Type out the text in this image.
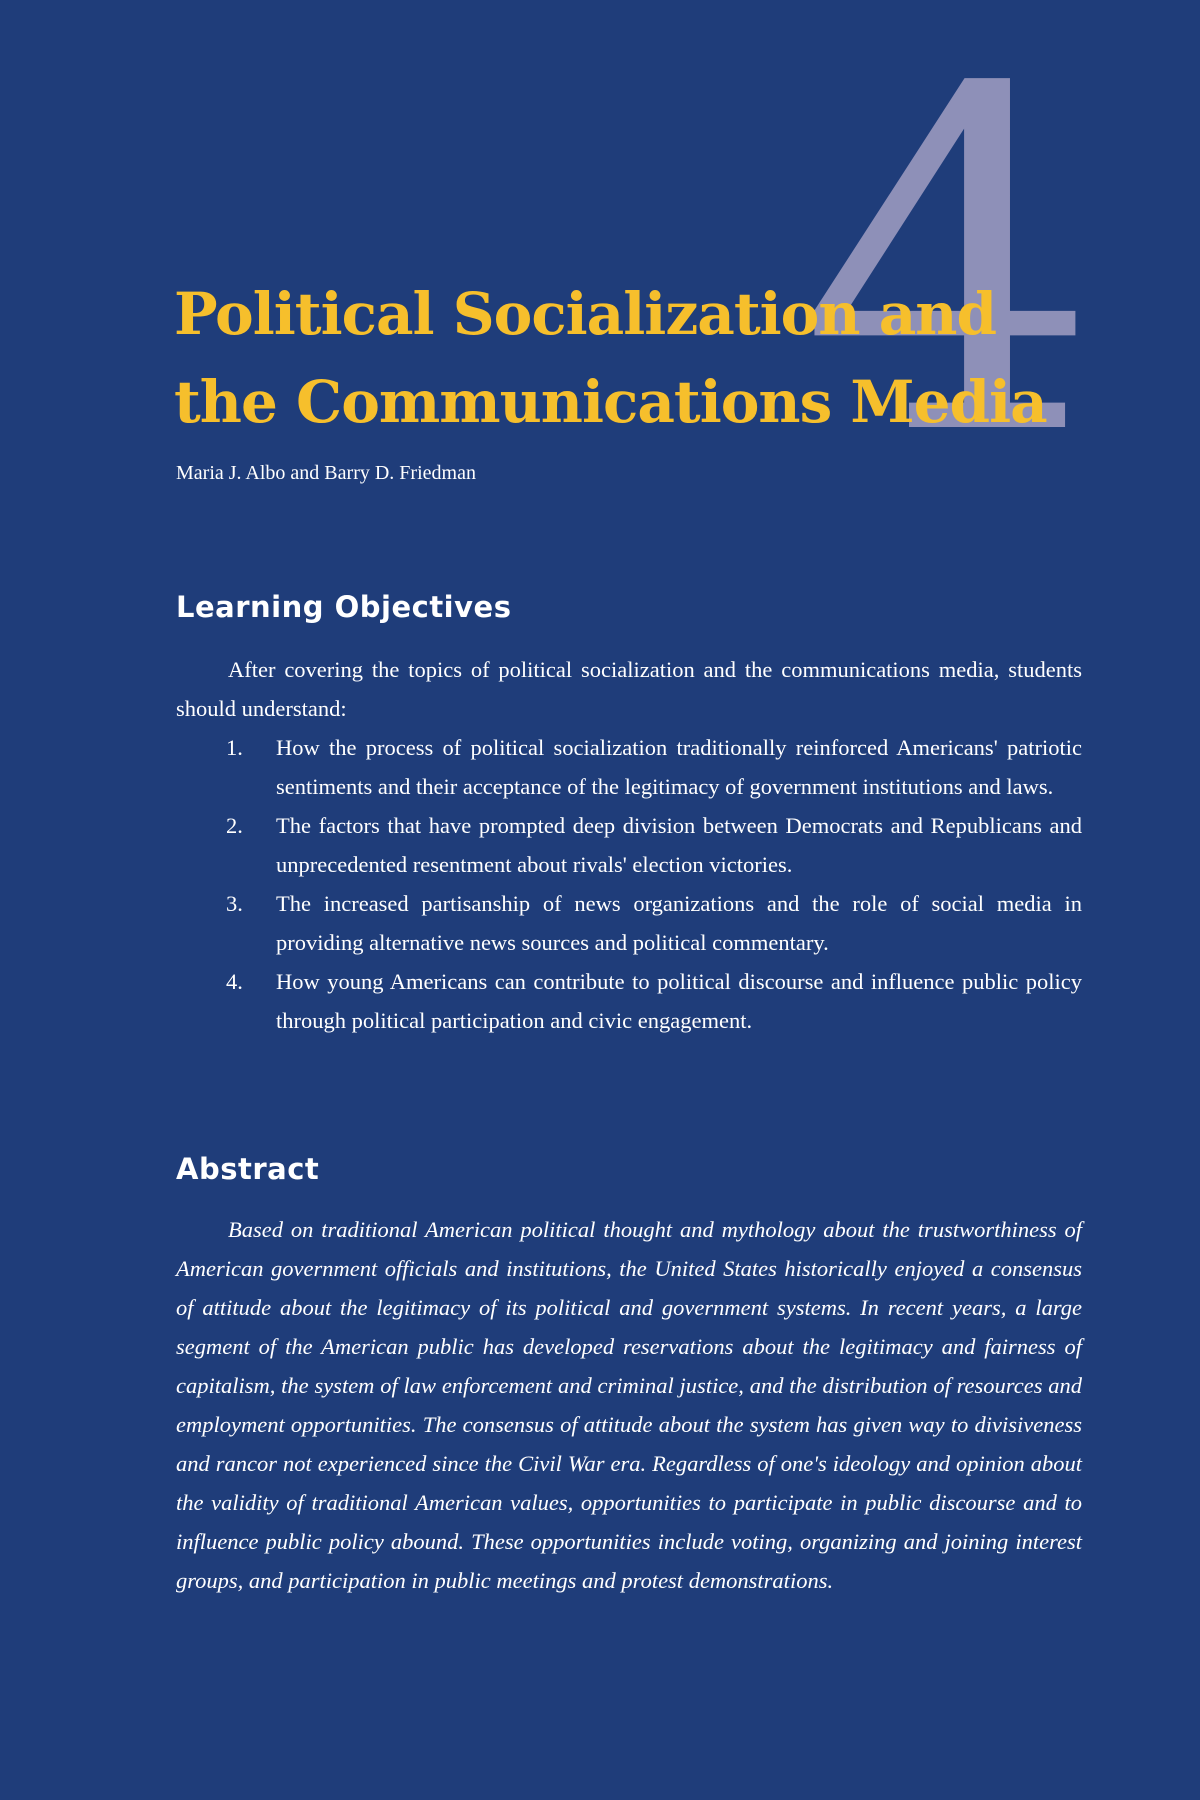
4
Political Socialization and
the Communications Media
Maria J. Albo and Barry D. Friedman
Learning Objectives

After covering the topics of political socialization and the communications media, students should understand:

1. How the process of political socialization traditionally reinforced Americans' patriotic sentiments and their acceptance of the legitimacy of government institutions and laws.
2. The factors that have prompted deep division between Democrats and Republicans and unprecedented resentment about rivals' election victories.
3. The increased partisanship of news organizations and the role of social media in providing alternative news sources and political commentary.
4. How young Americans can contribute to political discourse and influence public policy through political participation and civic engagement.
Abstract

Based on traditional American political thought and mythology about the trustworthiness of American government officials and institutions, the United States historically enjoyed a consensus of attitude about the legitimacy of its political and government systems. In recent years, a large segment of the American public has developed reservations about the legitimacy and fairness of capitalism, the system of law enforcement and criminal justice, and the distribution of resources and employment opportunities. The consensus of attitude about the system has given way to divisiveness and rancor not experienced since the Civil War era. Regardless of one's ideology and opinion about the validity of traditional American values, opportunities to participate in public discourse and to influence public policy abound. These opportunities include voting, organizing and joining interest groups, and participation in public meetings and protest demonstrations.
